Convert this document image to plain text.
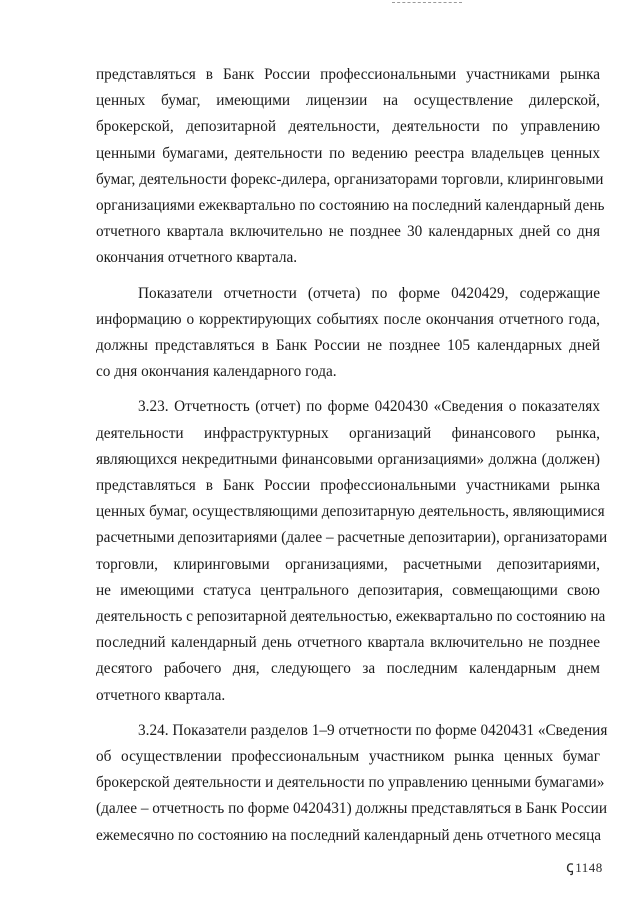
представляться в Банк России профессиональными участниками рынка
ценных бумаг, имеющими лицензии на осуществление дилерской,
брокерской, депозитарной деятельности, деятельности по управлению
ценными бумагами, деятельности по ведению реестра владельцев ценных
бумаг, деятельности форекс-дилера, организаторами торговли, клиринговыми
организациями ежеквартально по состоянию на последний календарный день
отчетного квартала включительно не позднее 30 календарных дней со дня
окончания отчетного квартала.

Показатели отчетности (отчета) по форме 0420429, содержащие
информацию о корректирующих событиях после окончания отчетного года,
должны представляться в Банк России не позднее 105 календарных дней
со дня окончания календарного года.

3.23. Отчетность (отчет) по форме 0420430 «Сведения о показателях
деятельности инфраструктурных организаций финансового рынка,
являющихся некредитными финансовыми организациями» должна (должен)
представляться в Банк России профессиональными участниками рынка
ценных бумаг, осуществляющими депозитарную деятельность, являющимися
расчетными депозитариями (далее – расчетные депозитарии), организаторами
торговли, клиринговыми организациями, расчетными депозитариями,
не имеющими статуса центрального депозитария, совмещающими свою
деятельность с репозитарной деятельностью, ежеквартально по состоянию на
последний календарный день отчетного квартала включительно не позднее
десятого рабочего дня, следующего за последним календарным днем
отчетного квартала.

3.24. Показатели разделов 1–9 отчетности по форме 0420431 «Сведения
об осуществлении профессиональным участником рынка ценных бумаг
брокерской деятельности и деятельности по управлению ценными бумагами»
(далее – отчетность по форме 0420431) должны представляться в Банк России
ежемесячно по состоянию на последний календарный день отчетного месяца

ꞔ1148
